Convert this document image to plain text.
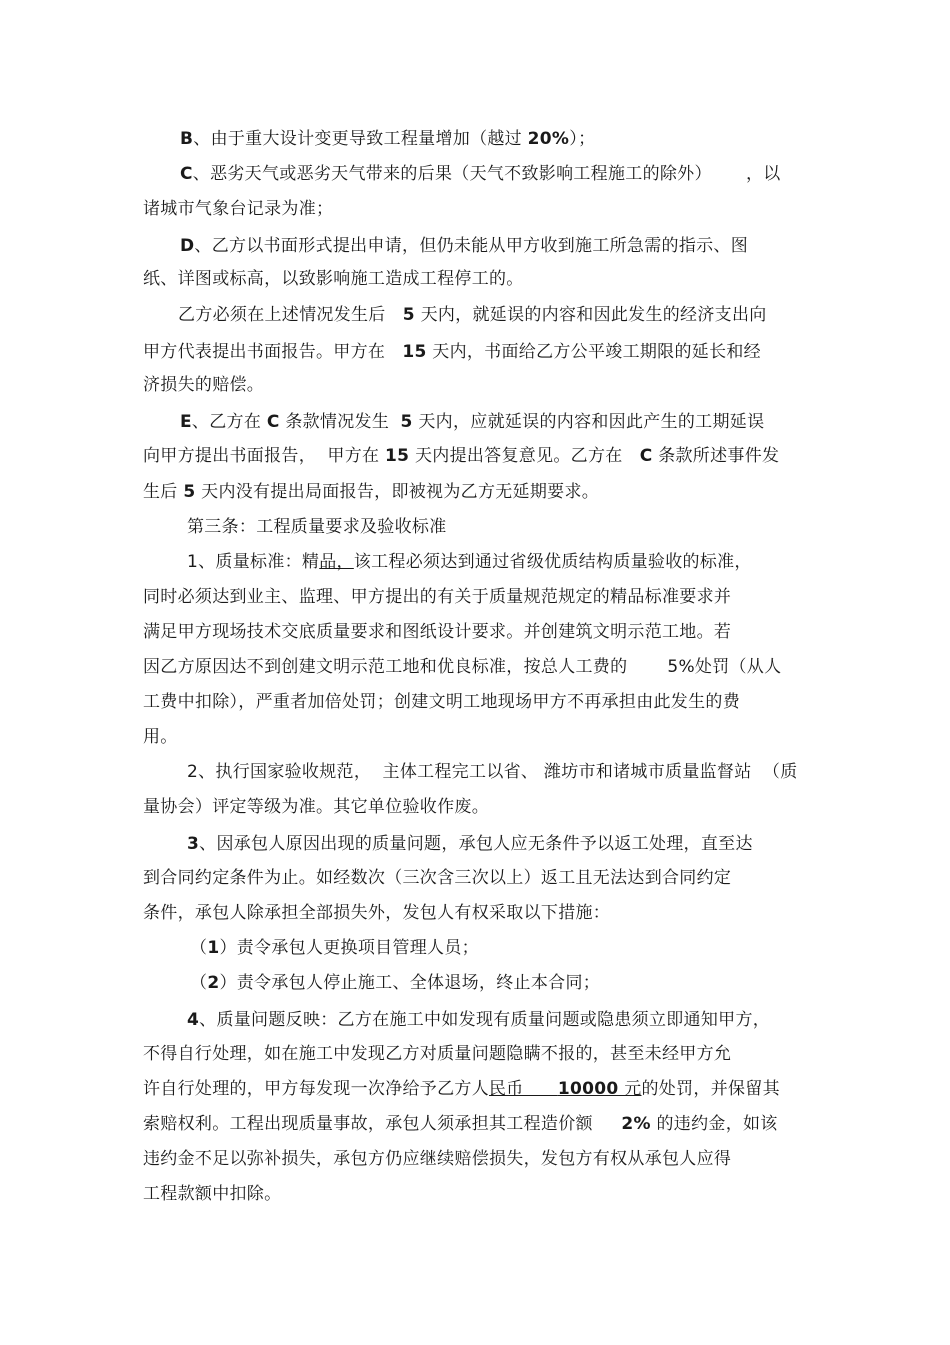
B、由于重大设计变更导致工程量增加（越过 20%）；
C、恶劣天气或恶劣天气带来的后果（天气不致影响工程施工的除外）      ，以
诸城市气象台记录为准；
D、乙方以书面形式提出申请，但仍未能从甲方收到施工所急需的指示、图
纸、详图或标高，以致影响施工造成工程停工的。
乙方必须在上述情况发生后   5 天内，就延误的内容和因此发生的经济支出向
甲方代表提出书面报告。甲方在   15 天内，书面给乙方公平竣工期限的延长和经
济损失的赔偿。
E、乙方在 C 条款情况发生  5 天内，应就延误的内容和因此产生的工期延误
向甲方提出书面报告，  甲方在 15 天内提出答复意见。乙方在   C 条款所述事件发
生后 5 天内没有提出局面报告，即被视为乙方无延期要求。
第三条：工程质量要求及验收标准
1、质量标准：精品，该工程必须达到通过省级优质结构质量验收的标准，
同时必须达到业主、监理、甲方提出的有关于质量规范规定的精品标准要求并
满足甲方现场技术交底质量要求和图纸设计要求。并创建筑文明示范工地。若
因乙方原因达不到创建文明示范工地和优良标准，按总人工费的       5%处罚（从人
工费中扣除），严重者加倍处罚；创建文明工地现场甲方不再承担由此发生的费
用。
2、执行国家验收规范，  主体工程完工以省、 潍坊市和诸城市质量监督站  （质
量协会）评定等级为准。其它单位验收作废。
3、因承包人原因出现的质量问题，承包人应无条件予以返工处理，直至达
到合同约定条件为止。如经数次（三次含三次以上）返工且无法达到合同约定
条件，承包人除承担全部损失外，发包人有权采取以下措施：
（1）责令承包人更换项目管理人员；
（2）责令承包人停止施工、全体退场，终止本合同；
4、质量问题反映：乙方在施工中如发现有质量问题或隐患须立即通知甲方，
不得自行处理，如在施工中发现乙方对质量问题隐瞒不报的，甚至未经甲方允
许自行处理的，甲方每发现一次净给予乙方人民币      10000 元的处罚，并保留其
索赔权利。工程出现质量事故，承包人须承担其工程造价额     2% 的违约金，如该
违约金不足以弥补损失，承包方仍应继续赔偿损失，发包方有权从承包人应得
工程款额中扣除。
